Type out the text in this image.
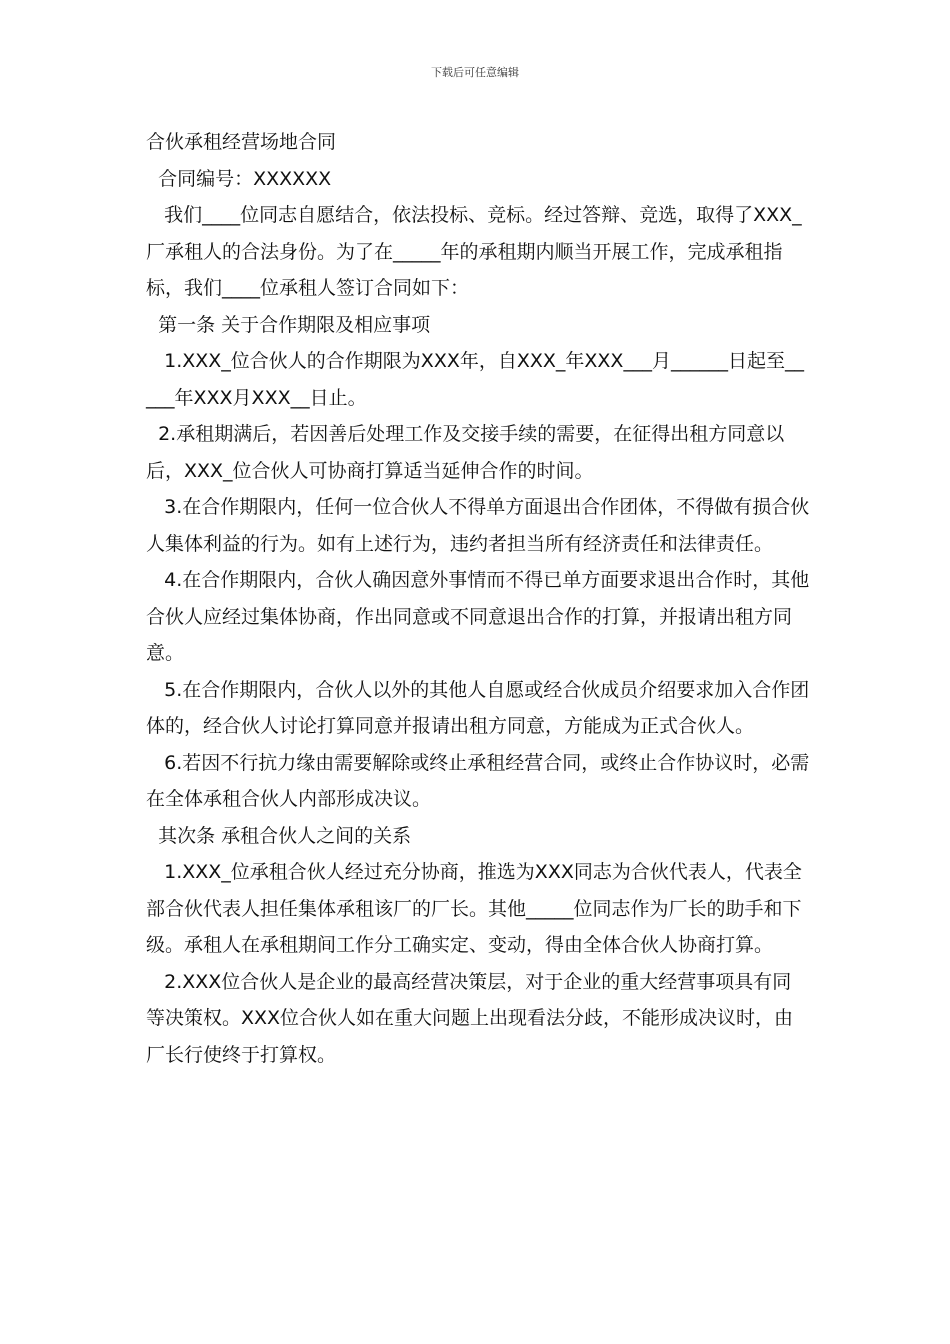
下载后可任意编辑

合伙承租经营场地合同

合同编号：XXXXXX

我们____位同志自愿结合，依法投标、竞标。经过答辩、竞选，取得了XXX_厂承租人的合法身份。为了在_____年的承租期内顺当开展工作，完成承租指标，我们____位承租人签订合同如下：

第一条 关于合作期限及相应事项

1.XXX_位合伙人的合作期限为XXX年，自XXX_年XXX___月______日起至_____年XXX月XXX__日止。

2.承租期满后，若因善后处理工作及交接手续的需要，在征得出租方同意以后，XXX_位合伙人可协商打算适当延伸合作的时间。

3.在合作期限内，任何一位合伙人不得单方面退出合作团体，不得做有损合伙人集体利益的行为。如有上述行为，违约者担当所有经济责任和法律责任。

4.在合作期限内，合伙人确因意外事情而不得已单方面要求退出合作时，其他合伙人应经过集体协商，作出同意或不同意退出合作的打算，并报请出租方同意。

5.在合作期限内，合伙人以外的其他人自愿或经合伙成员介绍要求加入合作团体的，经合伙人讨论打算同意并报请出租方同意，方能成为正式合伙人。

6.若因不行抗力缘由需要解除或终止承租经营合同，或终止合作协议时，必需在全体承租合伙人内部形成决议。

其次条 承租合伙人之间的关系

1.XXX_位承租合伙人经过充分协商，推选为XXX同志为合伙代表人，代表全部合伙代表人担任集体承租该厂的厂长。其他_____位同志作为厂长的助手和下级。承租人在承租期间工作分工确实定、变动，得由全体合伙人协商打算。

2.XXX位合伙人是企业的最高经营决策层，对于企业的重大经营事项具有同等决策权。XXX位合伙人如在重大问题上出现看法分歧，不能形成决议时，由厂长行使终于打算权。
